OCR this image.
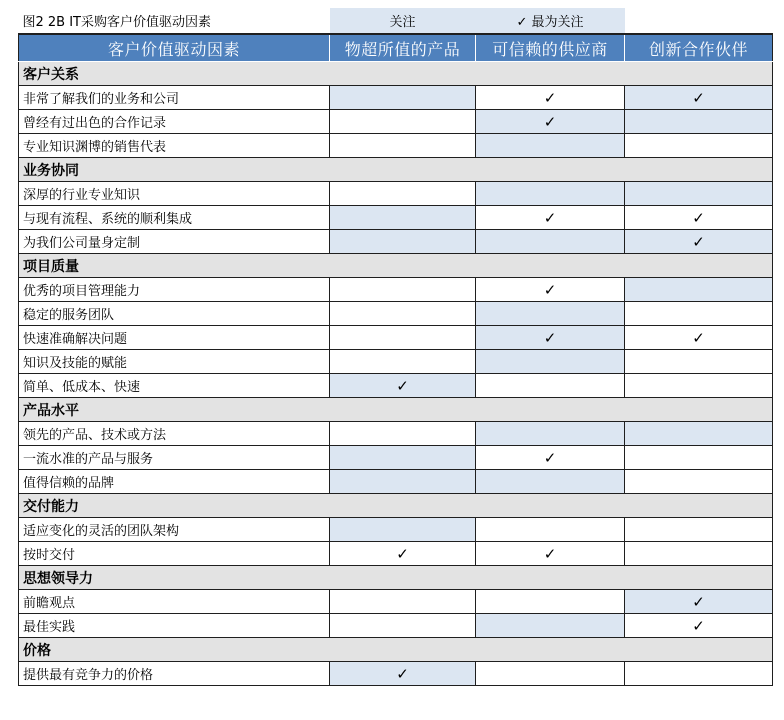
图2 2B IT采购客户价值驱动因素	关注	✓ 最为关注	
客户价值驱动因素	物超所值的产品	可信赖的供应商	创新合作伙伴
客户关系			
非常了解我们的业务和公司		✓	✓
曾经有过出色的合作记录		✓	
专业知识渊博的销售代表			
业务协同			
深厚的行业专业知识			
与现有流程、系统的顺利集成		✓	✓
为我们公司量身定制			✓
项目质量			
优秀的项目管理能力		✓	
稳定的服务团队			
快速准确解决问题		✓	✓
知识及技能的赋能			
简单、低成本、快速	✓		
产品水平			
领先的产品、技术或方法			
一流水准的产品与服务		✓	
值得信赖的品牌			
交付能力			
适应变化的灵活的团队架构			
按时交付	✓	✓	
思想领导力			
前瞻观点			✓
最佳实践			✓
价格			
提供最有竞争力的价格	✓		
